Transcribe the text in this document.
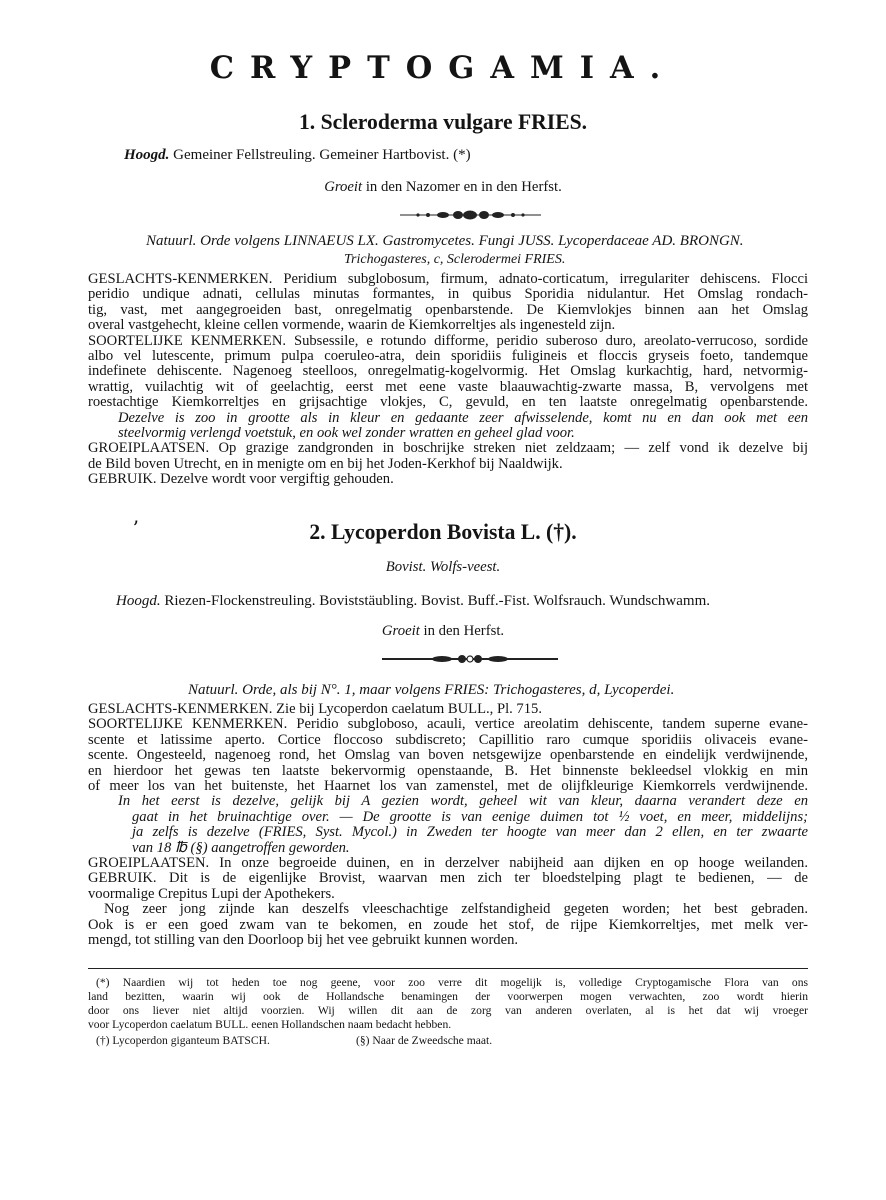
CRYPTOGAMIA.
1. Scleroderma vulgare FRIES.
Hoogd. Gemeiner Fellstreuling. Gemeiner Hartbovist. (*)
Groeit in den Nazomer en in den Herfst.
Natuurl. Orde volgens LINNAEUS LX. Gastromycetes. Fungi JUSS. Lycoperdaceae AD. BRONGN.
Trichogasteres, c, Sclerodermei FRIES.
GESLACHTS-KENMERKEN. Peridium subglobosum, firmum, adnato-corticatum, irregulariter dehiscens. Flocci
peridio undique adnati, cellulas minutas formantes, in quibus Sporidia nidulantur. Het Omslag rondach-
tig, vast, met aangegroeiden bast, onregelmatig openbarstende. De Kiemvlokjes binnen aan het Omslag
overal vastgehecht, kleine cellen vormende, waarin de Kiemkorreltjes als ingenesteld zijn.
SOORTELIJKE KENMERKEN. Subsessile, e rotundo difforme, peridio suberoso duro, areolato-verrucoso, sordide
albo vel lutescente, primum pulpa coeruleo-atra, dein sporidiis fuligineis et floccis gryseis foeto, tandemque
indefinete dehiscente. Nagenoeg steelloos, onregelmatig-kogelvormig. Het Omslag kurkachtig, hard, netvormig-
wrattig, vuilachtig wit of geelachtig, eerst met eene vaste blaauwachtig-zwarte massa, B, vervolgens met
roestachtige Kiemkorreltjes en grijsachtige vlokjes, C, gevuld, en ten laatste onregelmatig openbarstende.
Dezelve is zoo in grootte als in kleur en gedaante zeer afwisselende, komt nu en dan ook met een
steelvormig verlengd voetstuk, en ook wel zonder wratten en geheel glad voor.
GROEIPLAATSEN. Op grazige zandgronden in boschrijke streken niet zeldzaam; — zelf vond ik dezelve bij
de Bild boven Utrecht, en in menigte om en bij het Joden-Kerkhof bij Naaldwijk.
GEBRUIK. Dezelve wordt voor vergiftig gehouden.
ʼ	2. Lycoperdon Bovista L. (†).
Bovist. Wolfs-veest.
Hoogd. Riezen-Flockenstreuling. Boviststäubling. Bovist. Buff.-Fist. Wolfsrauch. Wundschwamm.
Groeit in den Herfst.
Natuurl. Orde, als bij N°. 1, maar volgens FRIES: Trichogasteres, d, Lycoperdei.
GESLACHTS-KENMERKEN. Zie bij Lycoperdon caelatum BULL., Pl. 715.
SOORTELIJKE KENMERKEN. Peridio subgloboso, acauli, vertice areolatim dehiscente, tandem superne evane-
scente et latissime aperto. Cortice floccoso subdiscreto; Capillitio raro cumque sporidiis olivaceis evane-
scente. Ongesteeld, nagenoeg rond, het Omslag van boven netsgewijze openbarstende en eindelijk verdwijnende,
en hierdoor het gewas ten laatste bekervormig openstaande, B. Het binnenste bekleedsel vlokkig en min
of meer los van het buitenste, het Haarnet los van zamenstel, met de olijfkleurige Kiemkorrels verdwijnende.
In het eerst is dezelve, gelijk bij A gezien wordt, geheel wit van kleur, daarna verandert deze en
gaat in het bruinachtige over. — De grootte is van eenige duimen tot ½ voet, en meer, middelijns;
ja zelfs is dezelve (FRIES, Syst. Mycol.) in Zweden ter hoogte van meer dan 2 ellen, en ter zwaarte
van 18 ℔ (§) aangetroffen geworden.
GROEIPLAATSEN. In onze begroeide duinen, en in derzelver nabijheid aan dijken en op hooge weilanden.
GEBRUIK. Dit is de eigenlijke Brovist, waarvan men zich ter bloedstelping plagt te bedienen, — de
voormalige Crepitus Lupi der Apothekers.
Nog zeer jong zijnde kan deszelfs vleeschachtige zelfstandigheid gegeten worden; het best gebraden.
Ook is er een goed zwam van te bekomen, en zoude het stof, de rijpe Kiemkorreltjes, met melk ver-
mengd, tot stilling van den Doorloop bij het vee gebruikt kunnen worden.
(*) Naardien wij tot heden toe nog geene, voor zoo verre dit mogelijk is, volledige Cryptogamische Flora van ons
land bezitten, waarin wij ook de Hollandsche benamingen der voorwerpen mogen verwachten, zoo wordt hierin
door ons liever niet altijd voorzien. Wij willen dit aan de zorg van anderen overlaten, al is het dat wij vroeger
voor Lycoperdon caelatum BULL. eenen Hollandschen naam bedacht hebben.
(†) Lycoperdon giganteum BATSCH.	(§) Naar de Zweedsche maat.
